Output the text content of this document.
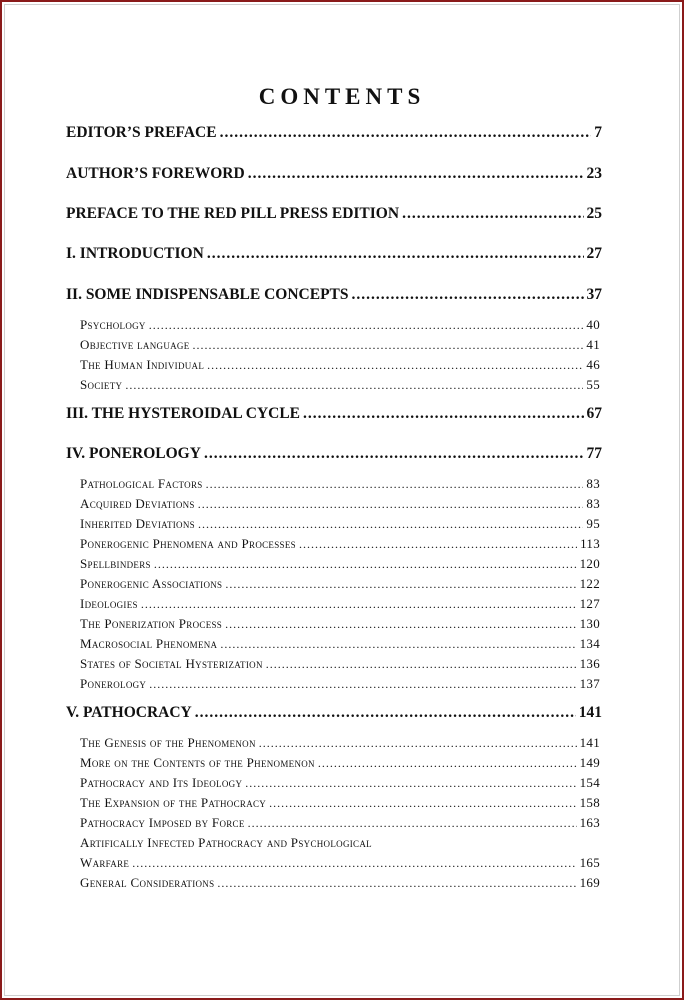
CONTENTS
EDITOR’S PREFACE .....	7
AUTHOR’S FOREWORD .....	23
PREFACE TO THE RED PILL PRESS EDITION .....	25
I. INTRODUCTION .....	27
II. SOME INDISPENSABLE CONCEPTS .....	37
Psychology .....	40
Objective language .....	41
The Human Individual .....	46
Society .....	55
III. THE HYSTEROIDAL CYCLE .....	67
IV. PONEROLOGY .....	77
Pathological Factors .....	83
Acquired Deviations .....	83
Inherited Deviations .....	95
Ponerogenic Phenomena and Processes .....	113
Spellbinders .....	120
Ponerogenic Associations .....	122
Ideologies .....	127
The Ponerization Process .....	130
Macrosocial Phenomena .....	134
States of Societal Hysterization .....	136
Ponerology .....	137
V. PATHOCRACY .....	141
The Genesis of the Phenomenon .....	141
More on the Contents of the Phenomenon .....	149
Pathocracy and Its Ideology .....	154
The Expansion of the Pathocracy .....	158
Pathocracy Imposed by Force .....	163
Artifically Infected Pathocracy and Psychological
Warfare .....	165
General Considerations .....	169
